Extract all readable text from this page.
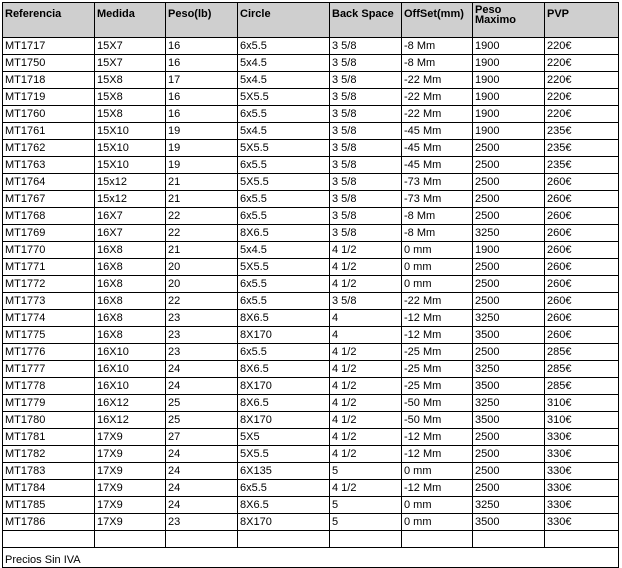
Referencia	Medida	Peso(lb)	Circle	Back Space	OffSet(mm)	Peso Maximo	PVP
MT1717	15X7	16	6x5.5	3 5/8	-8 Mm	1900	220€
MT1750	15X7	16	5x4.5	3 5/8	-8 Mm	1900	220€
MT1718	15X8	17	5x4.5	3 5/8	-22 Mm	1900	220€
MT1719	15X8	16	5X5.5	3 5/8	-22 Mm	1900	220€
MT1760	15X8	16	6x5.5	3 5/8	-22 Mm	1900	220€
MT1761	15X10	19	5x4.5	3 5/8	-45 Mm	1900	235€
MT1762	15X10	19	5X5.5	3 5/8	-45 Mm	2500	235€
MT1763	15X10	19	6x5.5	3 5/8	-45 Mm	2500	235€
MT1764	15x12	21	5X5.5	3 5/8	-73 Mm	2500	260€
MT1767	15x12	21	6x5.5	3 5/8	-73 Mm	2500	260€
MT1768	16X7	22	6x5.5	3 5/8	-8 Mm	2500	260€
MT1769	16X7	22	8X6.5	3 5/8	-8 Mm	3250	260€
MT1770	16X8	21	5x4.5	4 1/2	0 mm	1900	260€
MT1771	16X8	20	5X5.5	4 1/2	0 mm	2500	260€
MT1772	16X8	20	6x5.5	4 1/2	0 mm	2500	260€
MT1773	16X8	22	6x5.5	3 5/8	-22 Mm	2500	260€
MT1774	16X8	23	8X6.5	4	-12 Mm	3250	260€
MT1775	16X8	23	8X170	4	-12 Mm	3500	260€
MT1776	16X10	23	6x5.5	4 1/2	-25 Mm	2500	285€
MT1777	16X10	24	8X6.5	4 1/2	-25 Mm	3250	285€
MT1778	16X10	24	8X170	4 1/2	-25 Mm	3500	285€
MT1779	16X12	25	8X6.5	4 1/2	-50 Mm	3250	310€
MT1780	16X12	25	8X170	4 1/2	-50 Mm	3500	310€
MT1781	17X9	27	5X5	4 1/2	-12 Mm	2500	330€
MT1782	17X9	24	5X5.5	4 1/2	-12 Mm	2500	330€
MT1783	17X9	24	6X135	5	0 mm	2500	330€
MT1784	17X9	24	6x5.5	4 1/2	-12 Mm	2500	330€
MT1785	17X9	24	8X6.5	5	0 mm	3250	330€
MT1786	17X9	23	8X170	5	0 mm	3500	330€

Precios Sin IVA							
